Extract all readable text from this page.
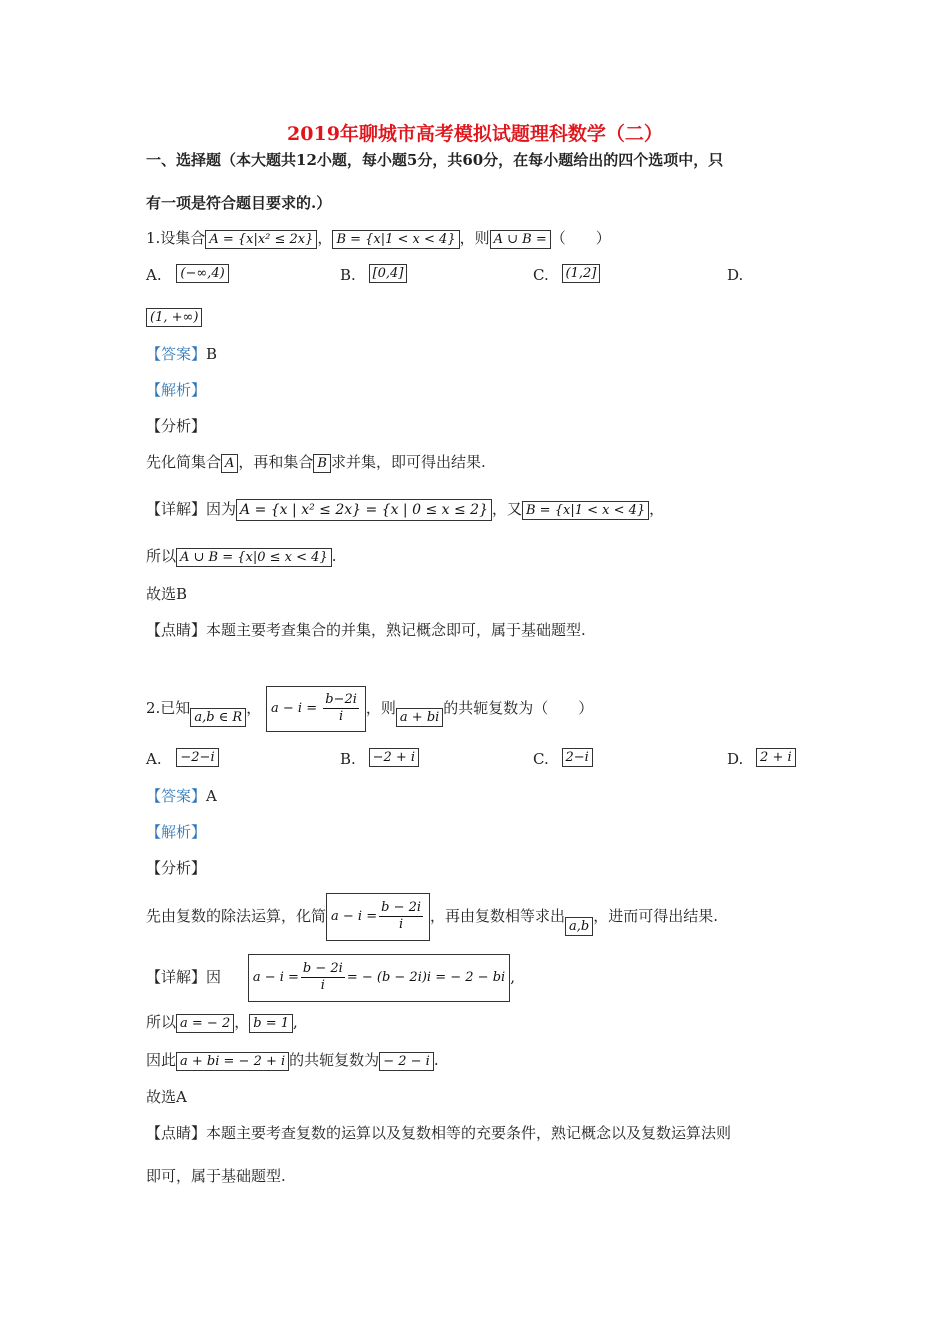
2019年聊城市高考模拟试题理科数学（二）
一、选择题（本大题共12小题，每小题5分，共60分，在每小题给出的四个选项中，只
有一项是符合题目要求的.）
1.设集合 A = {x|x² ≤ 2x} ， B = {x|1 < x < 4} ，则 A ∪ B = （　　）
A. (−∞,4)	B. [0,4]	C. (1,2]	D.
(1, +∞)
【答案】B
【解析】
【分析】
先化简集合 A ，再和集合 B 求并集，即可得出结果.
【详解】因为 A = {x | x² ≤ 2x} = {x | 0 ≤ x ≤ 2} ，又 B = {x|1 < x < 4} ，
所以 A ∪ B = {x|0 ≤ x < 4} .
故选B
【点睛】本题主要考查集合的并集，熟记概念即可，属于基础题型.
2.已知a,b ∈ R， $a - i = \frac{b-2i}{i}$ ，则a + bi的共轭复数为（　　）
A. −2−i	B. −2 + i	C. 2−i	D. 2 + i
【答案】A
【解析】
【分析】
先由复数的除法运算，化简 $a - i = \frac{b - 2i}{i}$ ，再由复数相等求出a,b，进而可得出结果.
【详解】因 $a - i = \frac{b - 2i}{i}$ = − (b − 2i)i = − 2 − bi ,
所以 a = − 2 ， b = 1 ,
因此 a + bi = − 2 + i 的共轭复数为 − 2 − i .
故选A
【点睛】本题主要考查复数的运算以及复数相等的充要条件，熟记概念以及复数运算法则
即可，属于基础题型.
